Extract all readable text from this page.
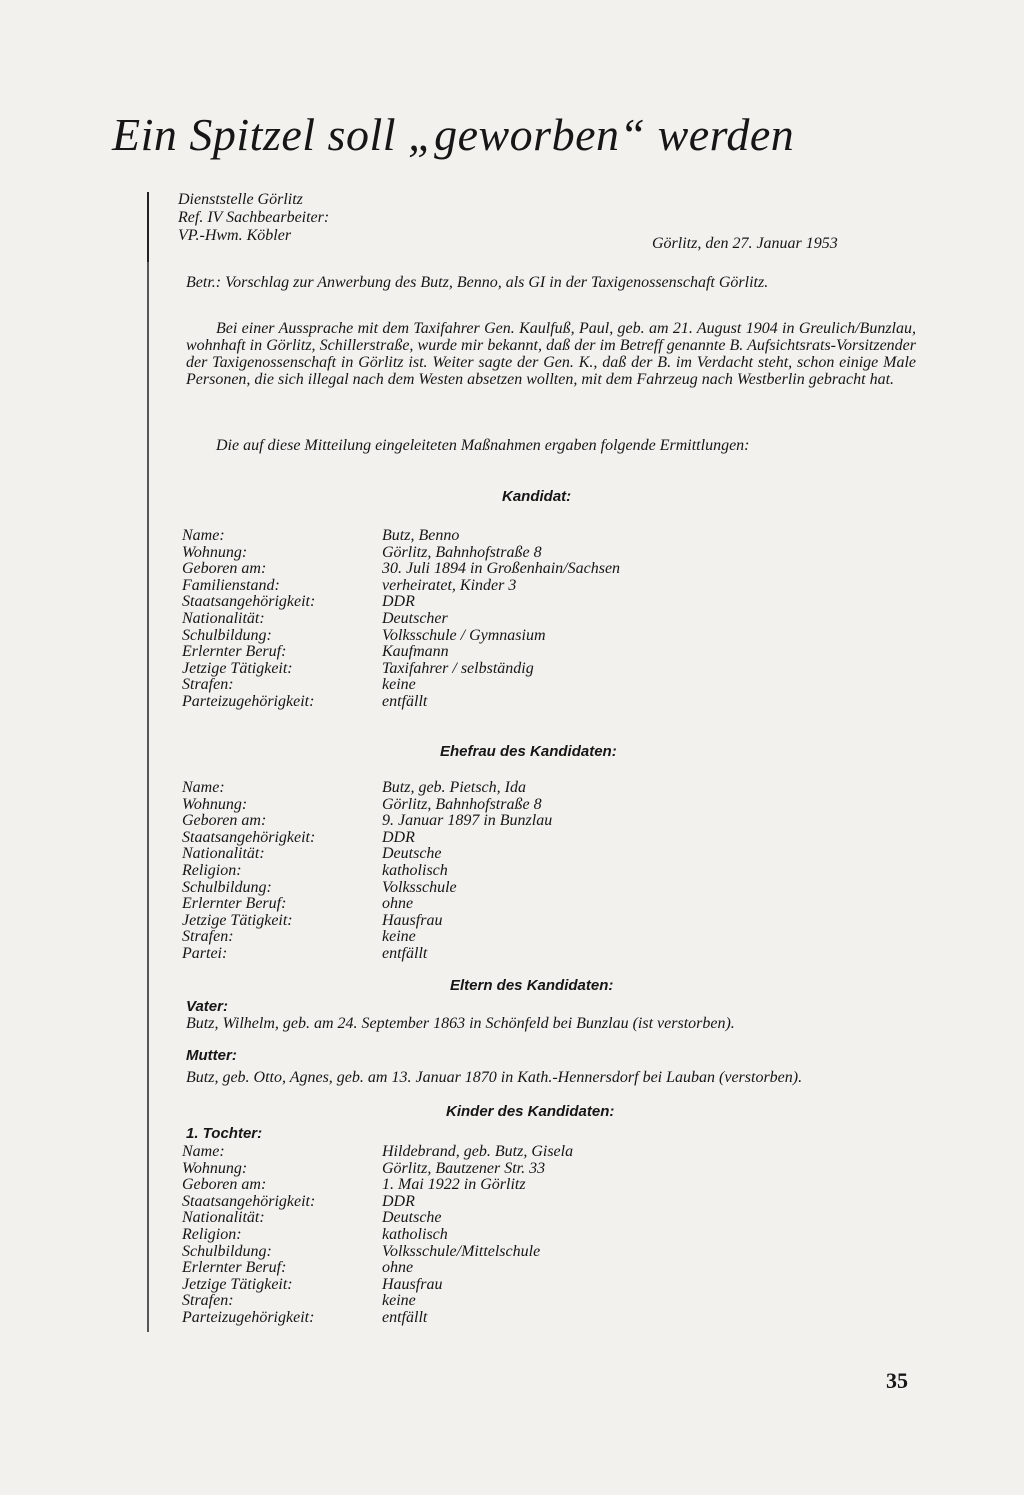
Ein Spitzel soll „geworben“ werden
Dienststelle Görlitz
Ref. IV Sachbearbeiter:
VP.-Hwm. Köbler	Görlitz, den 27. Januar 1953
Betr.: Vorschlag zur Anwerbung des Butz, Benno, als GI in der Taxigenossenschaft Görlitz.
Bei einer Aussprache mit dem Taxifahrer Gen. Kaulfuß, Paul, geb. am 21. August 1904 in Greulich/Bunzlau, wohnhaft in Görlitz, Schillerstraße, wurde mir bekannt, daß der im Betreff genannte B. Aufsichtsrats-Vorsitzender der Taxigenossenschaft in Görlitz ist. Weiter sagte der Gen. K., daß der B. im Verdacht steht, schon einige Male Personen, die sich illegal nach dem Westen absetzen wollten, mit dem Fahrzeug nach Westberlin gebracht hat.
Die auf diese Mitteilung eingeleiteten Maßnahmen ergaben folgende Ermittlungen:
Kandidat:
Name:	Butz, Benno
Wohnung:	Görlitz, Bahnhofstraße 8
Geboren am:	30. Juli 1894 in Großenhain/Sachsen
Familienstand:	verheiratet, Kinder 3
Staatsangehörigkeit:	DDR
Nationalität:	Deutscher
Schulbildung:	Volksschule / Gymnasium
Erlernter Beruf:	Kaufmann
Jetzige Tätigkeit:	Taxifahrer / selbständig
Strafen:	keine
Parteizugehörigkeit:	entfällt
Ehefrau des Kandidaten:
Name:	Butz, geb. Pietsch, Ida
Wohnung:	Görlitz, Bahnhofstraße 8
Geboren am:	9. Januar 1897 in Bunzlau
Staatsangehörigkeit:	DDR
Nationalität:	Deutsche
Religion:	katholisch
Schulbildung:	Volksschule
Erlernter Beruf:	ohne
Jetzige Tätigkeit:	Hausfrau
Strafen:	keine
Partei:	entfällt
Eltern des Kandidaten:
Vater:
Butz, Wilhelm, geb. am 24. September 1863 in Schönfeld bei Bunzlau (ist verstorben).
Mutter:
Butz, geb. Otto, Agnes, geb. am 13. Januar 1870 in Kath.-Hennersdorf bei Lauban (verstorben).
Kinder des Kandidaten:
1. Tochter:
Name:	Hildebrand, geb. Butz, Gisela
Wohnung:	Görlitz, Bautzener Str. 33
Geboren am:	1. Mai 1922 in Görlitz
Staatsangehörigkeit:	DDR
Nationalität:	Deutsche
Religion:	katholisch
Schulbildung:	Volksschule/Mittelschule
Erlernter Beruf:	ohne
Jetzige Tätigkeit:	Hausfrau
Strafen:	keine
Parteizugehörigkeit:	entfällt
35
